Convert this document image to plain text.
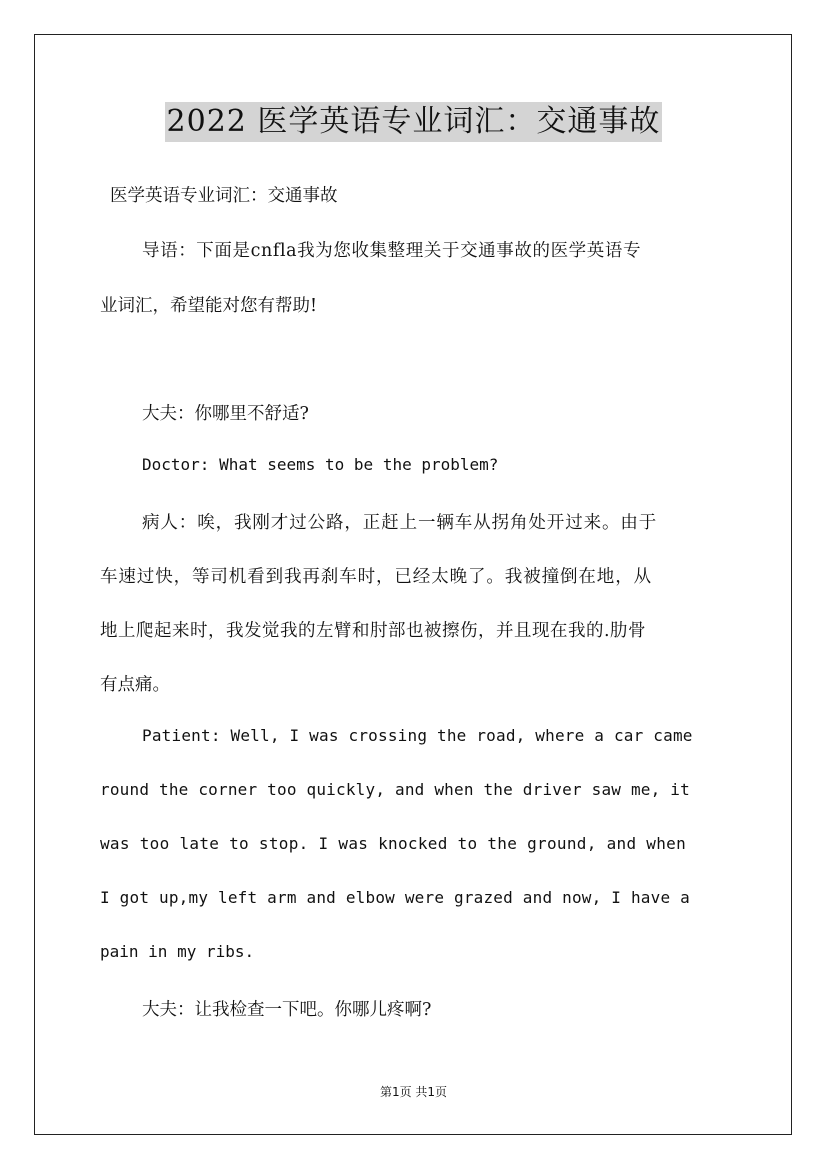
2022 医学英语专业词汇：交通事故
医学英语专业词汇：交通事故
导语：下面是cnfla我为您收集整理关于交通事故的医学英语专
业词汇，希望能对您有帮助!
大夫：你哪里不舒适?
Doctor: What seems to be the problem?
病人：唉，我刚才过公路，正赶上一辆车从拐角处开过来。由于
车速过快，等司机看到我再刹车时，已经太晚了。我被撞倒在地，从
地上爬起来时，我发觉我的左臂和肘部也被擦伤，并且现在我的.肋骨
有点痛。
Patient: Well, I was crossing the road, where a car came
round the corner too quickly, and when the driver saw me, it
was too late to stop. I was knocked to the ground, and when
I got up,my left arm and elbow were grazed and now, I have a
pain in my ribs.
大夫：让我检查一下吧。你哪儿疼啊?
第1页 共1页
